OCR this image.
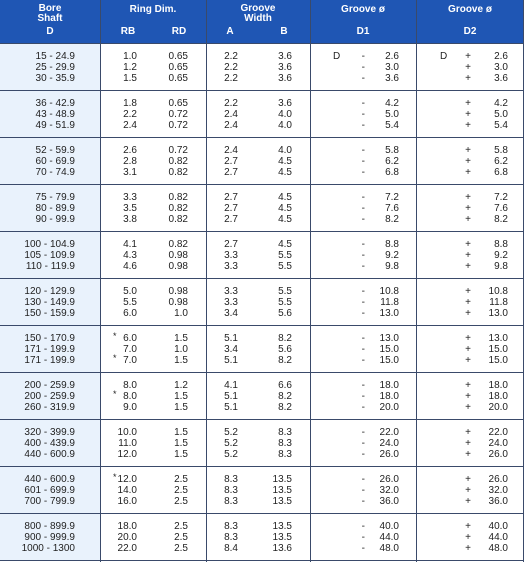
Bore
Shaft
D
Ring Dim.
RB	RD
Groove
Width
A	B
Groove ø
D1
Groove ø
D2
15 - 24.9	1.0	0.65	2.2	3.6	-	2.6	+	2.6
D	D
25 - 29.9	1.2	0.65	2.2	3.6	-	3.0	+	3.0
30 - 35.9	1.5	0.65	2.2	3.6	-	3.6	+	3.6
36 - 42.9	1.8	0.65	2.2	3.6	-	4.2	+	4.2
43 - 48.9	2.2	0.72	2.4	4.0	-	5.0	+	5.0
49 - 51.9	2.4	0.72	2.4	4.0	-	5.4	+	5.4
52 - 59.9	2.6	0.72	2.4	4.0	-	5.8	+	5.8
60 - 69.9	2.8	0.82	2.7	4.5	-	6.2	+	6.2
70 - 74.9	3.1	0.82	2.7	4.5	-	6.8	+	6.8
75 - 79.9	3.3	0.82	2.7	4.5	-	7.2	+	7.2
80 - 89.9	3.5	0.82	2.7	4.5	-	7.6	+	7.6
90 - 99.9	3.8	0.82	2.7	4.5	-	8.2	+	8.2
100 - 104.9	4.1	0.82	2.7	4.5	-	8.8	+	8.8
105 - 109.9	4.3	0.98	3.3	5.5	-	9.2	+	9.2
110 - 119.9	4.6	0.98	3.3	5.5	-	9.8	+	9.8
120 - 129.9	5.0	0.98	3.3	5.5	-	10.8	+	10.8
130 - 149.9	5.5	0.98	3.3	5.5	-	11.8	+	11.8
150 - 159.9	6.0	1.0	3.4	5.6	-	13.0	+	13.0
150 - 170.9	6.0	1.5	5.1	8.2	-	13.0	+	13.0
*
171 - 199.9	7.0	1.0	3.4	5.6	-	15.0	+	15.0
171 - 199.9	7.0	1.5	5.1	8.2	-	15.0	+	15.0
*
200 - 259.9	8.0	1.2	4.1	6.6	-	18.0	+	18.0
200 - 259.9	8.0	1.5	5.1	8.2	-	18.0	+	18.0
*
260 - 319.9	9.0	1.5	5.1	8.2	-	20.0	+	20.0
320 - 399.9	10.0	1.5	5.2	8.3	-	22.0	+	22.0
400 - 439.9	11.0	1.5	5.2	8.3	-	24.0	+	24.0
440 - 600.9	12.0	1.5	5.2	8.3	-	26.0	+	26.0
440 - 600.9	12.0	2.5	8.3	13.5	-	26.0	+	26.0
*
601 - 699.9	14.0	2.5	8.3	13.5	-	32.0	+	32.0
700 - 799.9	16.0	2.5	8.3	13.5	-	36.0	+	36.0
800 - 899.9	18.0	2.5	8.3	13.5	-	40.0	+	40.0
900 - 999.9	20.0	2.5	8.3	13.5	-	44.0	+	44.0
1000 - 1300	22.0	2.5	8.4	13.6	-	48.0	+	48.0
